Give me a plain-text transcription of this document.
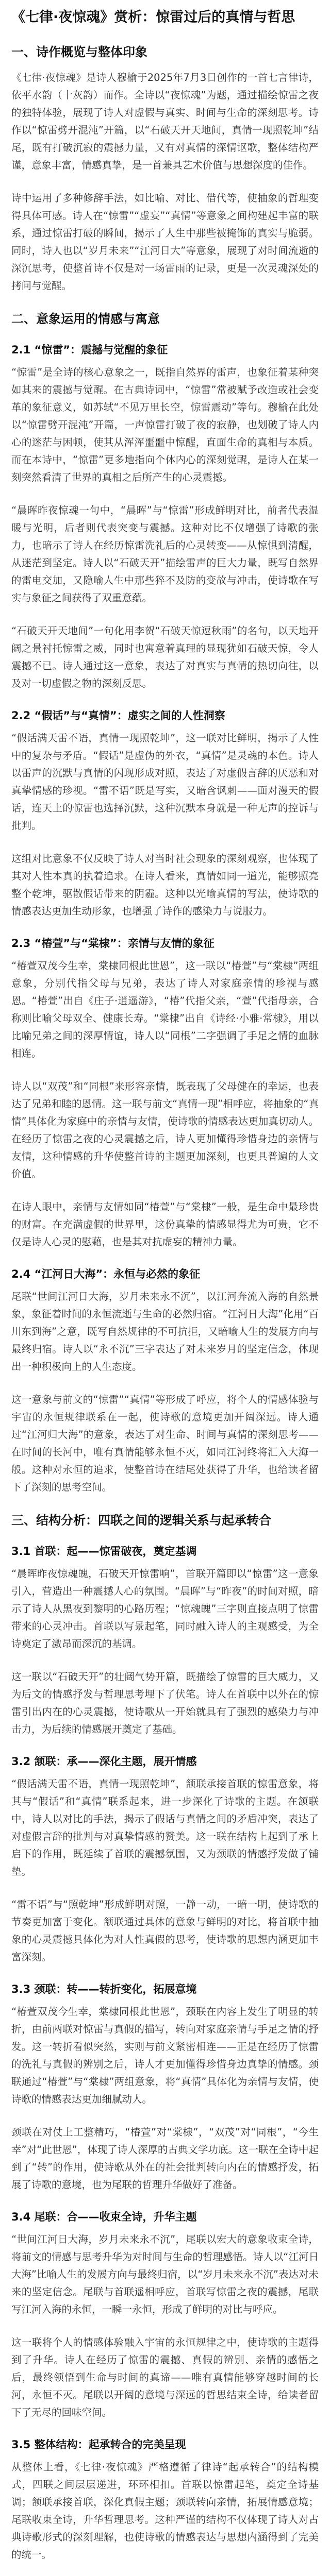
《七律·夜惊魂》赏析：惊雷过后的真情与哲思
一、诗作概览与整体印象

《七律·夜惊魂》是诗人穆榆于2025年7月3日创作的一首七言律诗，依平水韵（十灰韵）而作。全诗以“夜惊魂”为题，通过描绘惊雷之夜的独特体验，展现了诗人对虚假与真实、时间与生命的深刻思考。诗作以“惊雷劈开混沌”开篇，以“石破天开天地间，真情一现照乾坤”结尾，既有打破沉寂的震撼力量，又有对真情的深情讴歌，整体结构严谨，意象丰富，情感真挚，是一首兼具艺术价值与思想深度的佳作。

诗中运用了多种修辞手法，如比喻、对比、借代等，使抽象的哲理变得具体可感。诗人在“惊雷”“虚妄”“真情”等意象之间构建起丰富的联系，通过惊雷打破的瞬间，揭示了人生中那些被掩饰的真实与脆弱。同时，诗人也以“岁月未来”“江河日大”等意象，展现了对时间流逝的深沉思考，使整首诗不仅是对一场雷雨的记录，更是一次灵魂深处的拷问与觉醒。

二、意象运用的情感与寓意
2.1 “惊雷”：震撼与觉醒的象征

“惊雷”是全诗的核心意象之一，既指自然界的雷声，也象征着某种突如其来的震撼与觉醒。在古典诗词中，“惊雷”常被赋予改造或社会变革的象征意义，如苏轼“不见万里长空，惊雷震动”等句。穆榆在此处以“惊雷劈开混沌”开篇，一声惊雷打破了夜的寂静，也划破了诗人内心的迷茫与困顿，使其从浑浑噩噩中惊醒，直面生命的真相与本质。而在本诗中，“惊雷”更多地指向个体内心的深刻觉醒，是诗人在某一刻突然看清了世界的真相之后所产生的心灵震撼。

“晨晖昨夜惊魂一句中，“晨晖”与“惊雷”形成鲜明对比，前者代表温暖与光明，后者则代表突变与震撼。这种对比不仅增强了诗歌的张力，也暗示了诗人在经历惊雷洗礼后的心灵转变——从惊惧到清醒，从迷茫到坚定。诗人以“石破天开”描绘雷声的巨大力量，既写自然界的雷电交加，又隐喻人生中那些猝不及防的变故与冲击，使诗歌在写实与象征之间获得了双重意蕴。

“石破天开天地间”一句化用李贺“石破天惊逗秋雨”的名句，以天地开阔之景衬托惊雷之威，同时也寓意着真理的显现犹如石破天惊，令人震撼不已。诗人通过这一意象，表达了对真实与真情的热切向往，以及对一切虚假之物的深刻反思。

2.2 “假话”与“真情”：虚实之间的人性洞察

“假话满天雷不语，真情一现照乾坤”，这一联对比鲜明，揭示了人性中的复杂与矛盾。“假话”是虚伪的外衣，“真情”是灵魂的本色。诗人以雷声的沉默与真情的闪现形成对照，表达了对虚假言辞的厌恶和对真挚情感的珍视。“雷不语”既是写实，又暗含讽刺——面对漫天的假话，连天上的惊雷也选择沉默，这种沉默本身就是一种无声的控诉与批判。

这组对比意象不仅反映了诗人对当时社会现象的深刻观察，也体现了其对人性本真的执着追求。在诗人看来，真情如同一道光，能够照亮整个乾坤，驱散假话带来的阴霾。这种以光喻真情的写法，使诗歌的情感表达更加生动形象，也增强了诗作的感染力与说服力。

2.3 “椿萱”与“棠棣”：亲情与友情的象征

“椿萱双茂今生幸，棠棣同根此世恩”，这一联以“椿萱”与“棠棣”两组意象，分别代指父母与兄弟，表达了诗人对家庭亲情的珍视与感恩。“椿萱”出自《庄子·逍遥游》，“椿”代指父亲，“萱”代指母亲，合称则比喻父母双全、健康长寿。“棠棣”出自《诗经·小雅·常棣》，用以比喻兄弟之间的深厚情谊，诗人以“同根”二字强调了手足之情的血脉相连。

诗人以“双茂”和“同根”来形容亲情，既表现了父母健在的幸运，也表达了兄弟和睦的恩情。这一联与前文“真情一现”相呼应，将抽象的“真情”具体化为家庭中的亲情与友情，使诗歌的情感表达更加真切动人。在经历了惊雷之夜的心灵震撼之后，诗人更加懂得珍惜身边的亲情与友情，这种情感的升华使整首诗的主题更加深刻，也更具普遍的人文价值。

在诗人眼中，亲情与友情如同“椿萱”与“棠棣”一般，是生命中最珍贵的财富。在充满虚假的世界里，这份真挚的情感显得尤为可贵，它不仅是诗人心灵的慰藉，也是其对抗虚妄的精神力量。

2.4 “江河日大海”：永恒与必然的象征

尾联“世间江河日大海，岁月未来永不沉”，以江河奔流入海的自然景象，象征着时间的永恒流逝与生命的必然归宿。“江河日大海”化用“百川东到海”之意，既写自然规律的不可抗拒，又暗喻人生的发展方向与最终归宿。诗人以“永不沉”三字表达了对未来岁月的坚定信念，体现出一种积极向上的人生态度。

这一意象与前文的“惊雷”“真情”等形成了呼应，将个人的情感体验与宇宙的永恒规律联系在一起，使诗歌的意境更加开阔深远。诗人通过“江河归大海”的意象，表达了对生命、时间与真情的深刻思考——在时间的长河中，唯有真情能够永恒不灭，如同江河终将汇入大海一般。这种对永恒的追求，使整首诗在结尾处获得了升华，也给读者留下了深刻的思考空间。

三、结构分析：四联之间的逻辑关系与起承转合
3.1 首联：起——惊雷破夜，奠定基调

“晨晖昨夜惊魂魄，石破天开惊雷响”，首联开篇即以“惊雷”这一意象引入，营造出一种震撼人心的氛围。“晨晖”与“昨夜”的时间对照，暗示了诗人从黑夜到黎明的心路历程；“惊魂魄”三字则直接点明了惊雷带来的心灵冲击。首联以写景起笔，同时融入诗人的主观感受，为全诗奠定了激昂而深沉的基调。

这一联以“石破天开”的壮阔气势开篇，既描绘了惊雷的巨大威力，又为后文的情感抒发与哲理思考埋下了伏笔。诗人在首联中以外在的惊雷引出内在的心灵震撼，使诗歌从一开始就具有了强烈的感染力与冲击力，为后续的情感展开奠定了基础。

3.2 颔联：承——深化主题，展开情感

“假话满天雷不语，真情一现照乾坤”，颔联承接首联的惊雷意象，将其与“假话”和“真情”联系起来，进一步深化了诗歌的主题。在颔联中，诗人以对比的手法，揭示了假话与真情之间的矛盾冲突，表达了对虚假言辞的批判与对真挚情感的赞美。这一联在结构上起到了承上启下的作用，既延续了首联的震撼氛围，又为颈联的情感抒发做了铺垫。

“雷不语”与“照乾坤”形成鲜明对照，一静一动，一暗一明，使诗歌的节奏更加富于变化。颔联通过具体的意象与鲜明的对比，将首联中抽象的心灵震撼具体化为对人性真假的思考，使诗歌的思想内涵更加丰富深刻。

3.3 颈联：转——转折变化，拓展意境

“椿萱双茂今生幸，棠棣同根此世恩”，颈联在内容上发生了明显的转折，由前两联对惊雷与真假的描写，转向对家庭亲情与手足之情的抒发。这一转折看似突然，实则与前文紧密相连——正是在经历了惊雷的洗礼与真假的辨别之后，诗人才更加懂得珍惜身边真挚的情感。颈联通过“椿萱”与“棠棣”两组意象，将“真情”具体化为亲情与友情，使诗歌的情感表达更加细腻动人。

颈联在对仗上工整精巧，“椿萱”对“棠棣”，“双茂”对“同根”，“今生幸”对“此世恩”，体现了诗人深厚的古典文学功底。这一联在全诗中起到了“转”的作用，使诗歌从外在的社会批判转向内在的情感抒发，拓展了诗歌的意境，也为尾联的哲理升华做好了准备。

3.4 尾联：合——收束全诗，升华主题

“世间江河日大海，岁月未来永不沉”，尾联以宏大的意象收束全诗，将前文的情感与思考升华为对时间与生命的哲理感悟。诗人以“江河日大海”比喻人生的发展方向与最终归宿，以“岁月未来永不沉”表达对未来的坚定信念。尾联与首联遥相呼应，首联写惊雷之夜的震撼，尾联写江河入海的永恒，一瞬一永恒，形成了鲜明的对比与呼应。

这一联将个人的情感体验融入宇宙的永恒规律之中，使诗歌的主题得到了升华。诗人在经历了惊雷的震撼、真假的辨别、亲情的感悟之后，最终领悟到生命与时间的真谛——唯有真情能够穿越时间的长河，永恒不灭。尾联以开阔的意境与深远的哲思结束全诗，给读者留下了无尽的回味空间。

3.5 整体结构：起承转合的完美呈现

从整体上看，《七律·夜惊魂》严格遵循了律诗“起承转合”的结构模式，四联之间层层递进，环环相扣。首联以惊雷起笔，奠定全诗基调；颔联承接首联，深化真假主题；颈联转向亲情，拓展情感意境；尾联收束全诗，升华哲理思考。这种严谨的结构不仅体现了诗人对古典诗歌形式的深刻理解，也使诗歌的情感表达与思想内涵得到了完美的统一。
